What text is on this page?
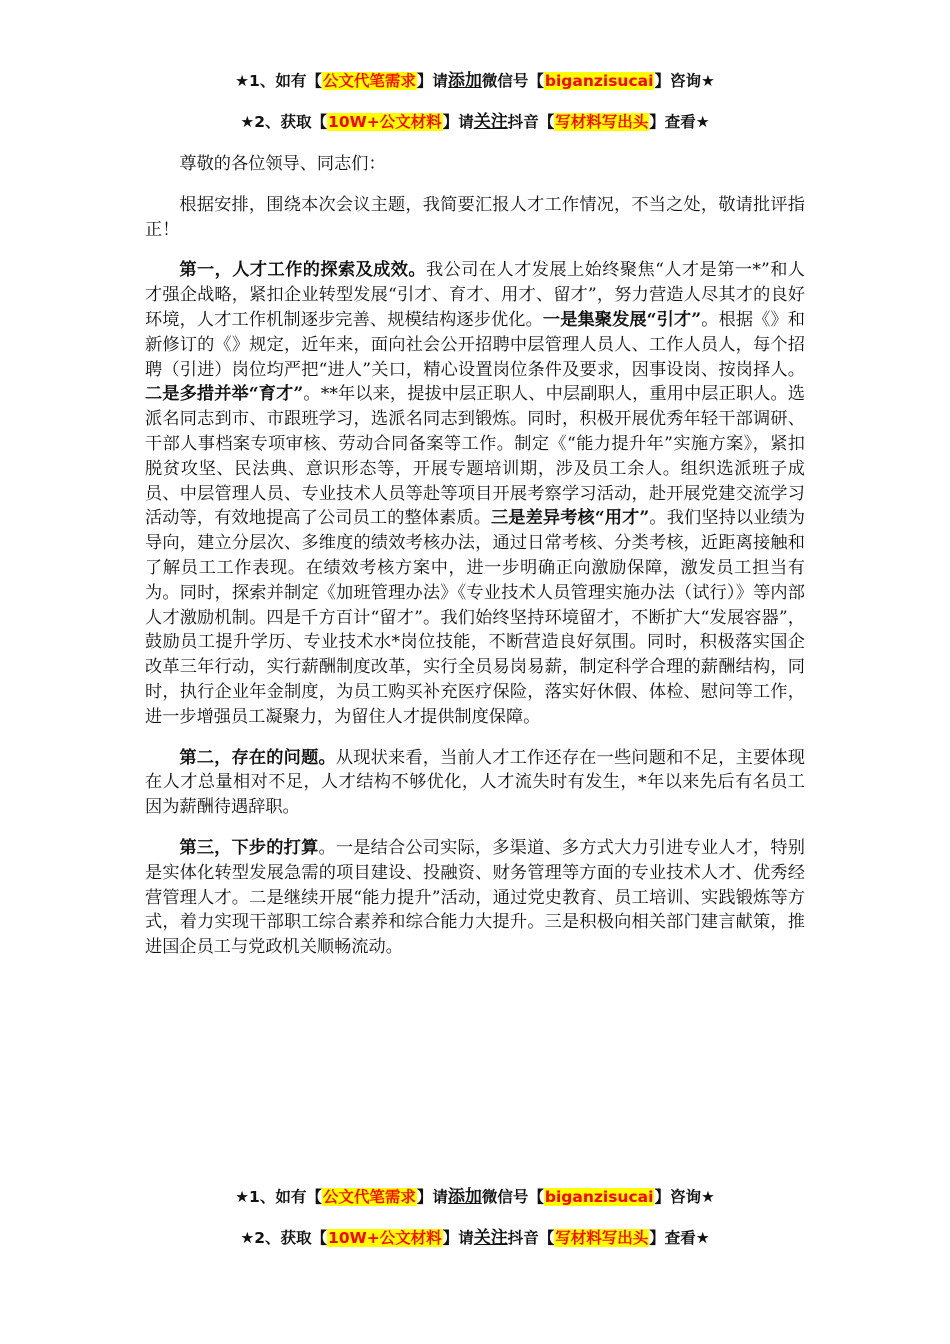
★1、如有【公文代笔需求】请添加微信号【biganzisucai】咨询★
★2、获取【10W+公文材料】请关注抖音【写材料写出头】查看★

尊敬的各位领导、同志们：

根据安排，围绕本次会议主题，我简要汇报人才工作情况，不当之处，敬请批评指正！

第一，人才工作的探索及成效。我公司在人才发展上始终聚焦“人才是第一*”和人才强企战略，紧扣企业转型发展“引才、育才、用才、留才”，努力营造人尽其才的良好环境，人才工作机制逐步完善、规模结构逐步优化。一是集聚发展“引才”。根据《》和新修订的《》规定，近年来，面向社会公开招聘中层管理人员人、工作人员人，每个招聘（引进）岗位均严把“进人”关口，精心设置岗位条件及要求，因事设岗、按岗择人。二是多措并举“育才”。**年以来，提拔中层正职人、中层副职人，重用中层正职人。选派名同志到市、市跟班学习，选派名同志到锻炼。同时，积极开展优秀年轻干部调研、干部人事档案专项审核、劳动合同备案等工作。制定《“能力提升年”实施方案》，紧扣脱贫攻坚、民法典、意识形态等，开展专题培训期，涉及员工余人。组织选派班子成员、中层管理人员、专业技术人员等赴等项目开展考察学习活动，赴开展党建交流学习活动等，有效地提高了公司员工的整体素质。三是差异考核“用才”。我们坚持以业绩为导向，建立分层次、多维度的绩效考核办法，通过日常考核、分类考核，近距离接触和了解员工工作表现。在绩效考核方案中，进一步明确正向激励保障，激发员工担当有为。同时，探索并制定《加班管理办法》《专业技术人员管理实施办法（试行）》等内部人才激励机制。四是千方百计“留才”。我们始终坚持环境留才，不断扩大“发展容器”，鼓励员工提升学历、专业技术水*岗位技能，不断营造良好氛围。同时，积极落实国企改革三年行动，实行薪酬制度改革，实行全员易岗易薪，制定科学合理的薪酬结构，同时，执行企业年金制度，为员工购买补充医疗保险，落实好休假、体检、慰问等工作，进一步增强员工凝聚力，为留住人才提供制度保障。

第二，存在的问题。从现状来看，当前人才工作还存在一些问题和不足，主要体现在人才总量相对不足，人才结构不够优化，人才流失时有发生，*年以来先后有名员工因为薪酬待遇辞职。

第三，下步的打算。一是结合公司实际，多渠道、多方式大力引进专业人才，特别是实体化转型发展急需的项目建设、投融资、财务管理等方面的专业技术人才、优秀经营管理人才。二是继续开展“能力提升”活动，通过党史教育、员工培训、实践锻炼等方式，着力实现干部职工综合素养和综合能力大提升。三是积极向相关部门建言献策，推进国企员工与党政机关顺畅流动。

★1、如有【公文代笔需求】请添加微信号【biganzisucai】咨询★
★2、获取【10W+公文材料】请关注抖音【写材料写出头】查看★
